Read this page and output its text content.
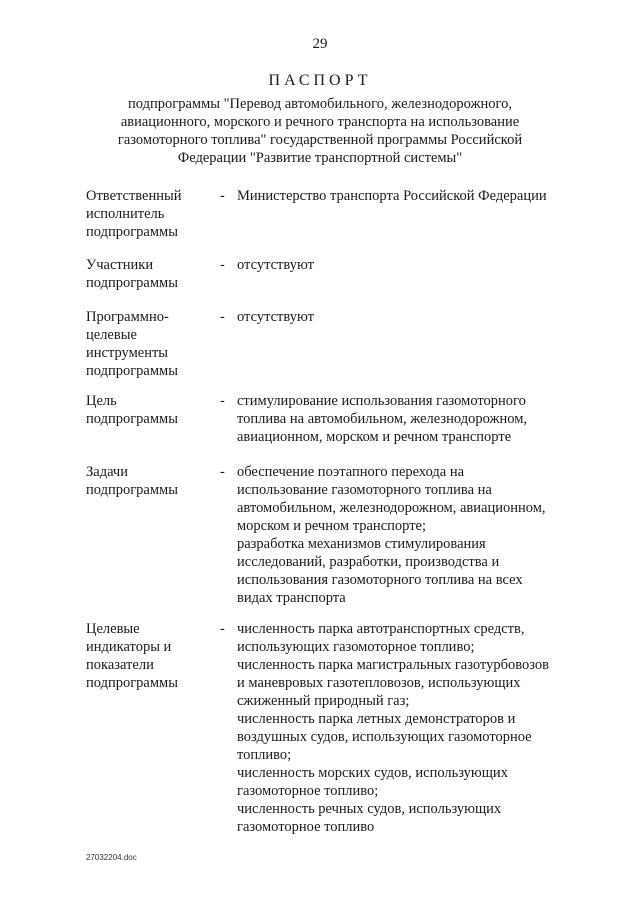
29
ПАСПОРТ
подпрограммы "Перевод автомобильного, железнодорожного, авиационного, морского и речного транспорта на использование газомоторного топлива" государственной программы Российской Федерации "Развитие транспортной системы"
Ответственный
исполнитель
подпрограммы
- Министерство транспорта Российской Федерации
Участники
подпрограммы
- отсутствуют
Программно-
целевые
инструменты
подпрограммы
- отсутствуют
Цель
подпрограммы
- стимулирование использования газомоторного
топлива на автомобильном, железнодорожном,
авиационном, морском и речном транспорте
Задачи
подпрограммы
- обеспечение поэтапного перехода на
использование газомоторного топлива на
автомобильном, железнодорожном, авиационном,
морском и речном транспорте;
разработка механизмов стимулирования
исследований, разработки, производства и
использования газомоторного топлива на всех
видах транспорта
Целевые
индикаторы и
показатели
подпрограммы
- численность парка автотранспортных средств,
использующих газомоторное топливо;
численность парка магистральных газотурбовозов
и маневровых газотепловозов, использующих
сжиженный природный газ;
численность парка летных демонстраторов и
воздушных судов, использующих газомоторное
топливо;
численность морских судов, использующих
газомоторное топливо;
численность речных судов, использующих
газомоторное топливо
27032204.doc
